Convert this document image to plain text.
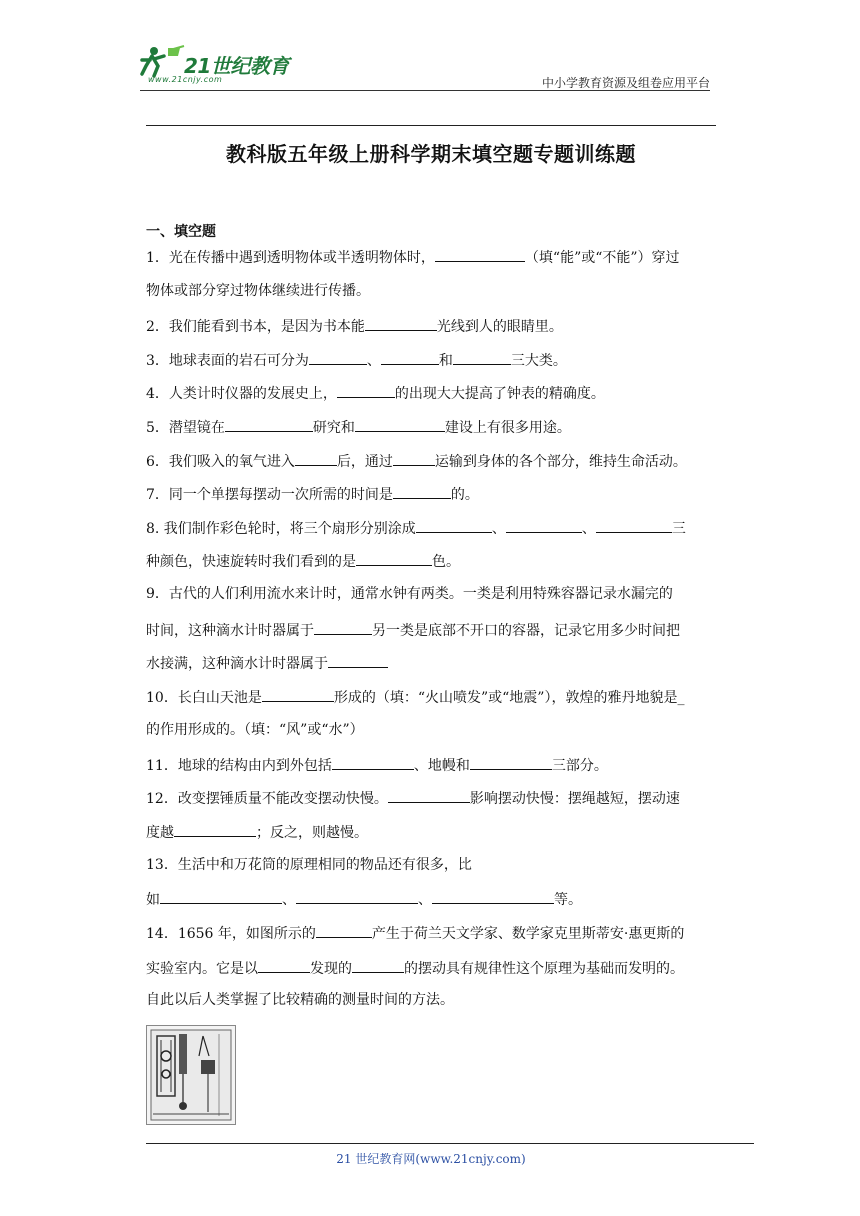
21世纪教育
www.21cnjy.com	中小学教育资源及组卷应用平台
教科版五年级上册科学期末填空题专题训练题
一、填空题
1．光在传播中遇到透明物体或半透明物体时，	（填“能”或“不能”）穿过
物体或部分穿过物体继续进行传播。
2．我们能看到书本，是因为书本能	光线到人的眼睛里。
3．地球表面的岩石可分为	、	和	三大类。
4．人类计时仪器的发展史上，	的出现大大提高了钟表的精确度。
5．潜望镜在	研究和	建设上有很多用途。
6．我们吸入的氧气进入	后，通过	运输到身体的各个部分，维持生命活动。
7．同一个单摆每摆动一次所需的时间是	的。
8. 我们制作彩色轮时，将三个扇形分别涂成	、	、	三
种颜色，快速旋转时我们看到的是	色。
9．古代的人们利用流水来计时，通常水钟有两类。一类是利用特殊容器记录水漏完的
时间，这种滴水计时器属于	另一类是底部不开口的容器，记录它用多少时间把
水接满，这种滴水计时器属于
10．长白山天池是	形成的（填：“火山喷发”或“地震”），敦煌的雅丹地貌是_
的作用形成的。（填：“风”或“水”）
11．地球的结构由内到外包括	、地幔和	三部分。
12．改变摆锤质量不能改变摆动快慢。	影响摆动快慢：摆绳越短，摆动速
度越	；反之，则越慢。
13．生活中和万花筒的原理相同的物品还有很多，比
如	、	、	等。
14．1656 年，如图所示的	产生于荷兰天文学家、数学家克里斯蒂安·惠更斯的
实验室内。它是以	发现的	的摆动具有规律性这个原理为基础而发明的。
自此以后人类掌握了比较精确的测量时间的方法。
21 世纪教育网(www.21cnjy.com)
